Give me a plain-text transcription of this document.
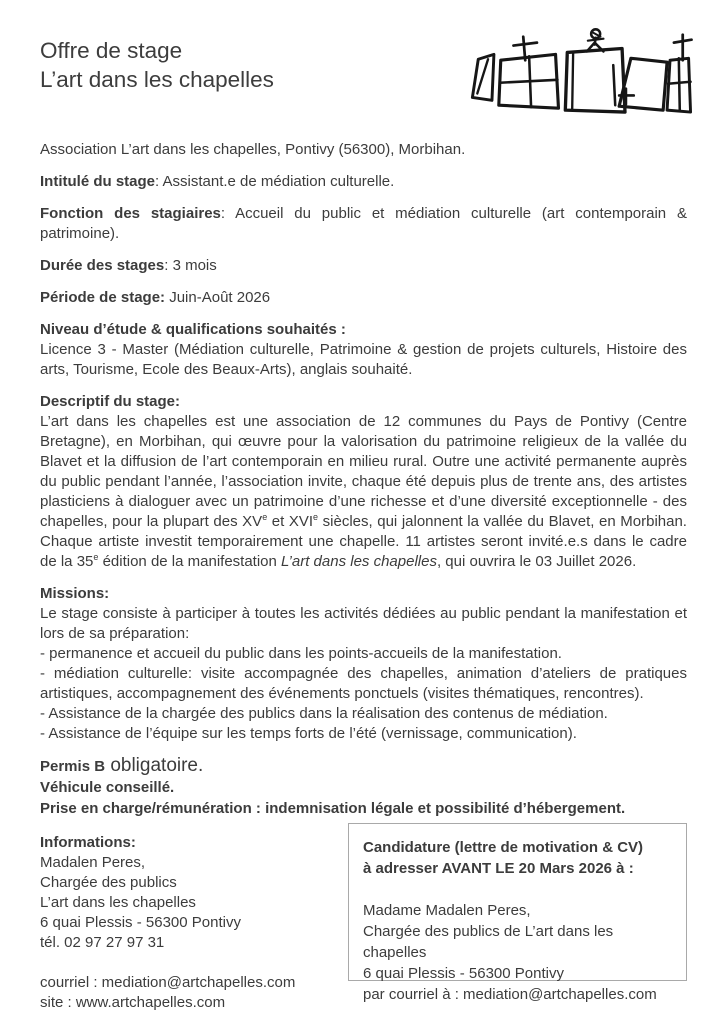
Offre de stage
L’art dans les chapelles
Association L’art dans les chapelles, Pontivy (56300), Morbihan.
Intitulé du stage: Assistant.e de médiation culturelle.
Fonction des stagiaires: Accueil du public et médiation culturelle (art contemporain & patrimoine).
Durée des stages: 3 mois
Période de stage: Juin-Août 2026
Niveau d’étude & qualifications souhaités :
Licence 3 - Master (Médiation culturelle, Patrimoine & gestion de projets culturels, Histoire des arts, Tourisme, Ecole des Beaux-Arts), anglais souhaité.
Descriptif du stage:
L’art dans les chapelles est une association de 12 communes du Pays de Pontivy (Centre Bretagne), en Morbihan, qui œuvre pour la valorisation du patrimoine religieux de la vallée du Blavet et la diffusion de l’art contemporain en milieu rural. Outre une activité permanente auprès du public pendant l’année, l’association invite, chaque été depuis plus de trente ans, des artistes plasticiens à dialoguer avec un patrimoine d’une richesse et d’une diversité exceptionnelle - des chapelles, pour la plupart des XVe et XVIe siècles, qui jalonnent la vallée du Blavet, en Morbihan. Chaque artiste investit temporairement une chapelle. 11 artistes seront invité.e.s dans le cadre de la 35e édition de la manifestation L’art dans les chapelles, qui ouvrira le 03 Juillet 2026.
Missions:
Le stage consiste à participer à toutes les activités dédiées au public pendant la manifestation et lors de sa préparation:
- permanence et accueil du public dans les points-accueils de la manifestation.
- médiation culturelle: visite accompagnée des chapelles, animation d’ateliers de pratiques artistiques, accompagnement des événements ponctuels (visites thématiques, rencontres).
- Assistance de la chargée des publics dans la réalisation des contenus de médiation.
- Assistance de l’équipe sur les temps forts de l’été (vernissage, communication).
Permis B obligatoire.
Véhicule conseillé.
Prise en charge/rémunération : indemnisation légale et possibilité d’hébergement.
Informations:
Madalen Peres,
Chargée des publics
L’art dans les chapelles
6 quai Plessis - 56300 Pontivy
tél. 02 97 27 97 31
courriel : mediation@artchapelles.com
site : www.artchapelles.com
Candidature (lettre de motivation & CV)
à adresser AVANT LE 20 Mars 2026 à :
Madame Madalen Peres,
Chargée des publics de L’art dans les chapelles
6 quai Plessis - 56300 Pontivy
par courriel à : mediation@artchapelles.com
